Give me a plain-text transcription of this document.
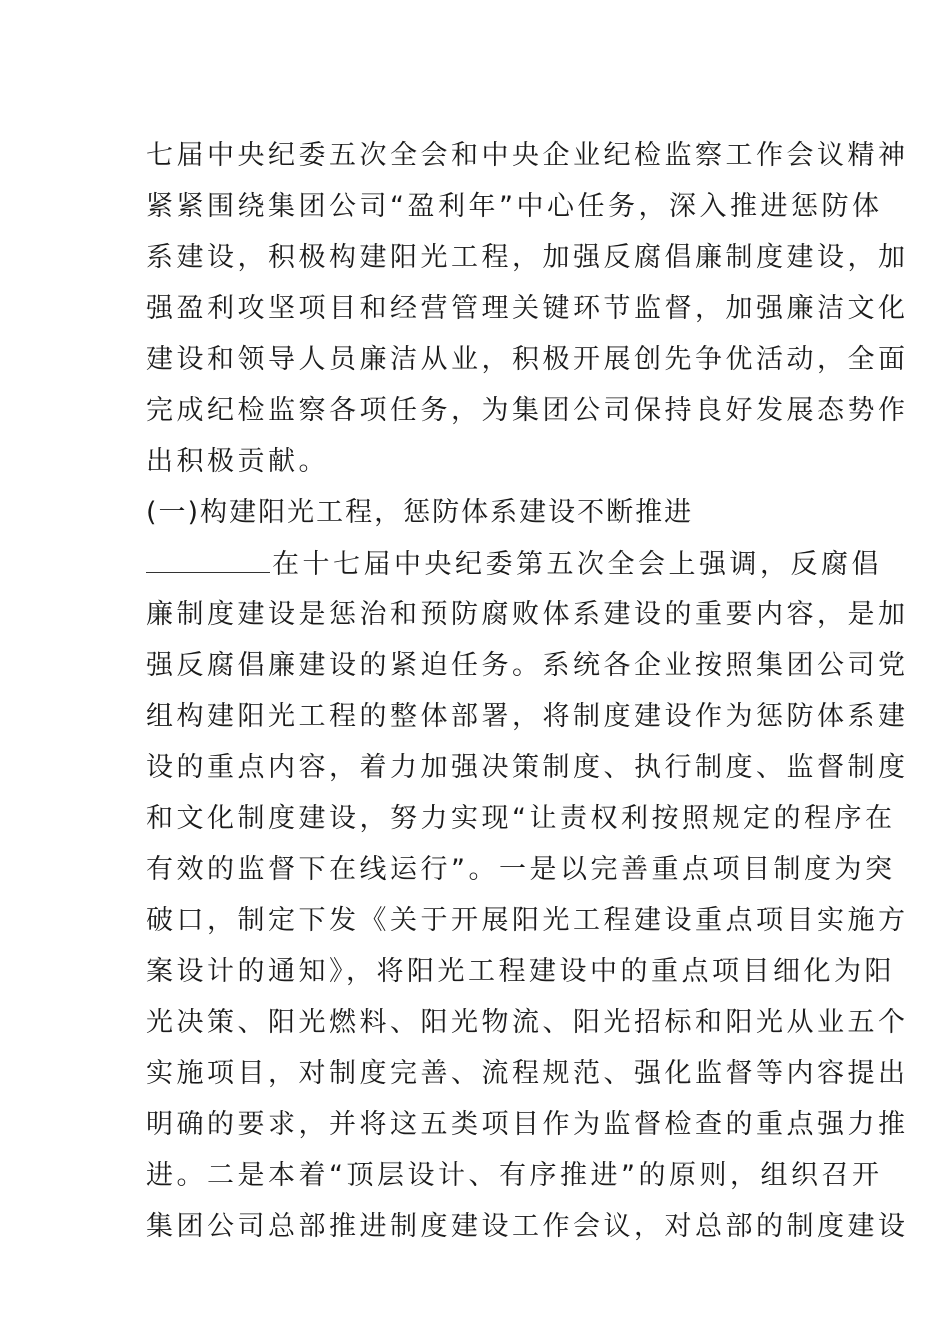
七届中央纪委五次全会和中央企业纪检监察工作会议精神
紧紧围绕集团公司“盈利年”中心任务，深入推进惩防体
系建设，积极构建阳光工程，加强反腐倡廉制度建设，加
强盈利攻坚项目和经营管理关键环节监督，加强廉洁文化
建设和领导人员廉洁从业，积极开展创先争优活动，全面
完成纪检监察各项任务，为集团公司保持良好发展态势作
出积极贡献。
(一)构建阳光工程，惩防体系建设不断推进
在十七届中央纪委第五次全会上强调，反腐倡
廉制度建设是惩治和预防腐败体系建设的重要内容，是加
强反腐倡廉建设的紧迫任务。系统各企业按照集团公司党
组构建阳光工程的整体部署，将制度建设作为惩防体系建
设的重点内容，着力加强决策制度、执行制度、监督制度
和文化制度建设，努力实现“让责权利按照规定的程序在
有效的监督下在线运行”。一是以完善重点项目制度为突
破口，制定下发《关于开展阳光工程建设重点项目实施方
案设计的通知》，将阳光工程建设中的重点项目细化为阳
光决策、阳光燃料、阳光物流、阳光招标和阳光从业五个
实施项目，对制度完善、流程规范、强化监督等内容提出
明确的要求，并将这五类项目作为监督检查的重点强力推
进。二是本着“顶层设计、有序推进”的原则，组织召开
集团公司总部推进制度建设工作会议，对总部的制度建设
